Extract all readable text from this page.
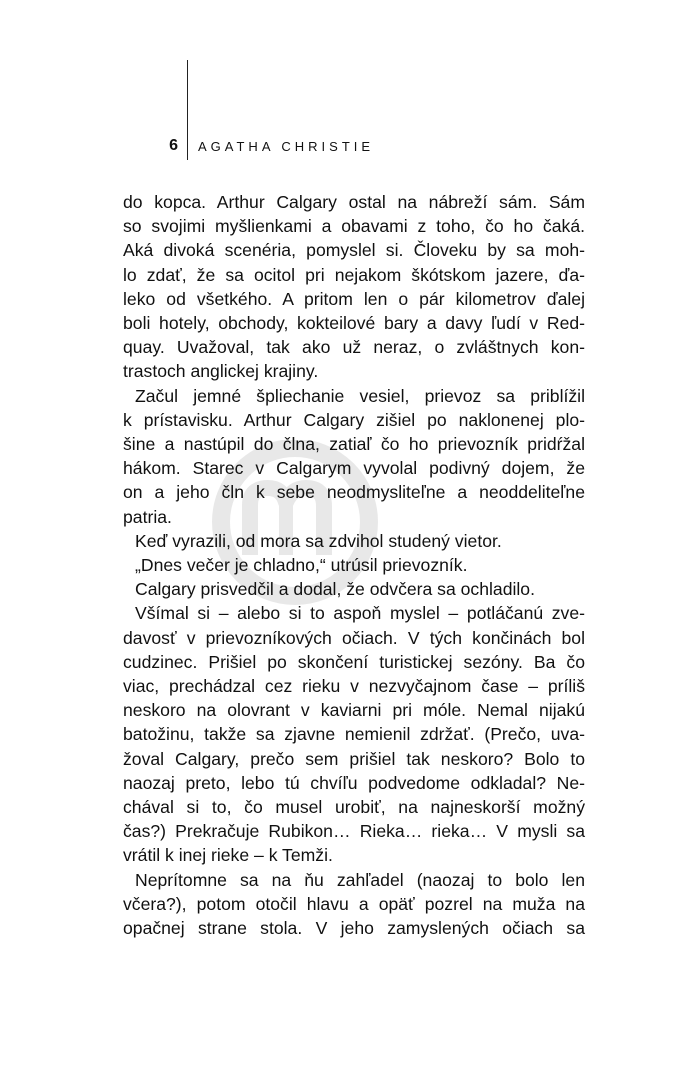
6 AGATHA CHRISTIE

do kopca. Arthur Calgary ostal na nábreží sám. Sám
so svojimi myšlienkami a obavami z toho, čo ho čaká.
Aká divoká scenéria, pomyslel si. Človeku by sa moh-
lo zdať, že sa ocitol pri nejakom škótskom jazere, ďa-
leko od všetkého. A pritom len o pár kilometrov ďalej
boli hotely, obchody, kokteilové bary a davy ľudí v Red-
quay. Uvažoval, tak ako už neraz, o zvláštnych kon-
trastoch anglickej krajiny.

Začul jemné špliechanie vesiel, prievoz sa priblížil
k prístavisku. Arthur Calgary zišiel po naklonenej plo-
šine a nastúpil do člna, zatiaľ čo ho prievozník pridŕžal
hákom. Starec v Calgarym vyvolal podivný dojem, že
on a jeho čln k sebe neodmysliteľne a neoddeliteľne
patria.

Keď vyrazili, od mora sa zdvihol studený vietor.

„Dnes večer je chladno,“ utrúsil prievozník.

Calgary prisvedčil a dodal, že odvčera sa ochladilo.

Všímal si – alebo si to aspoň myslel – potláčanú zve-
davosť v prievozníkových očiach. V tých končinách bol
cudzinec. Prišiel po skončení turistickej sezóny. Ba čo
viac, prechádzal cez rieku v nezvyčajnom čase – príliš
neskoro na olovrant v kaviarni pri móle. Nemal nijakú
batožinu, takže sa zjavne nemienil zdržať. (Prečo, uva-
žoval Calgary, prečo sem prišiel tak neskoro? Bolo to
naozaj preto, lebo tú chvíľu podvedome odkladal? Ne-
chával si to, čo musel urobiť, na najneskorší možný
čas?) Prekračuje Rubikon… Rieka… rieka… V mysli sa
vrátil k inej rieke – k Temži.

Neprítomne sa na ňu zahľadel (naozaj to bolo len
včera?), potom otočil hlavu a opäť pozrel na muža na
opačnej strane stola. V jeho zamyslených očiach sa
